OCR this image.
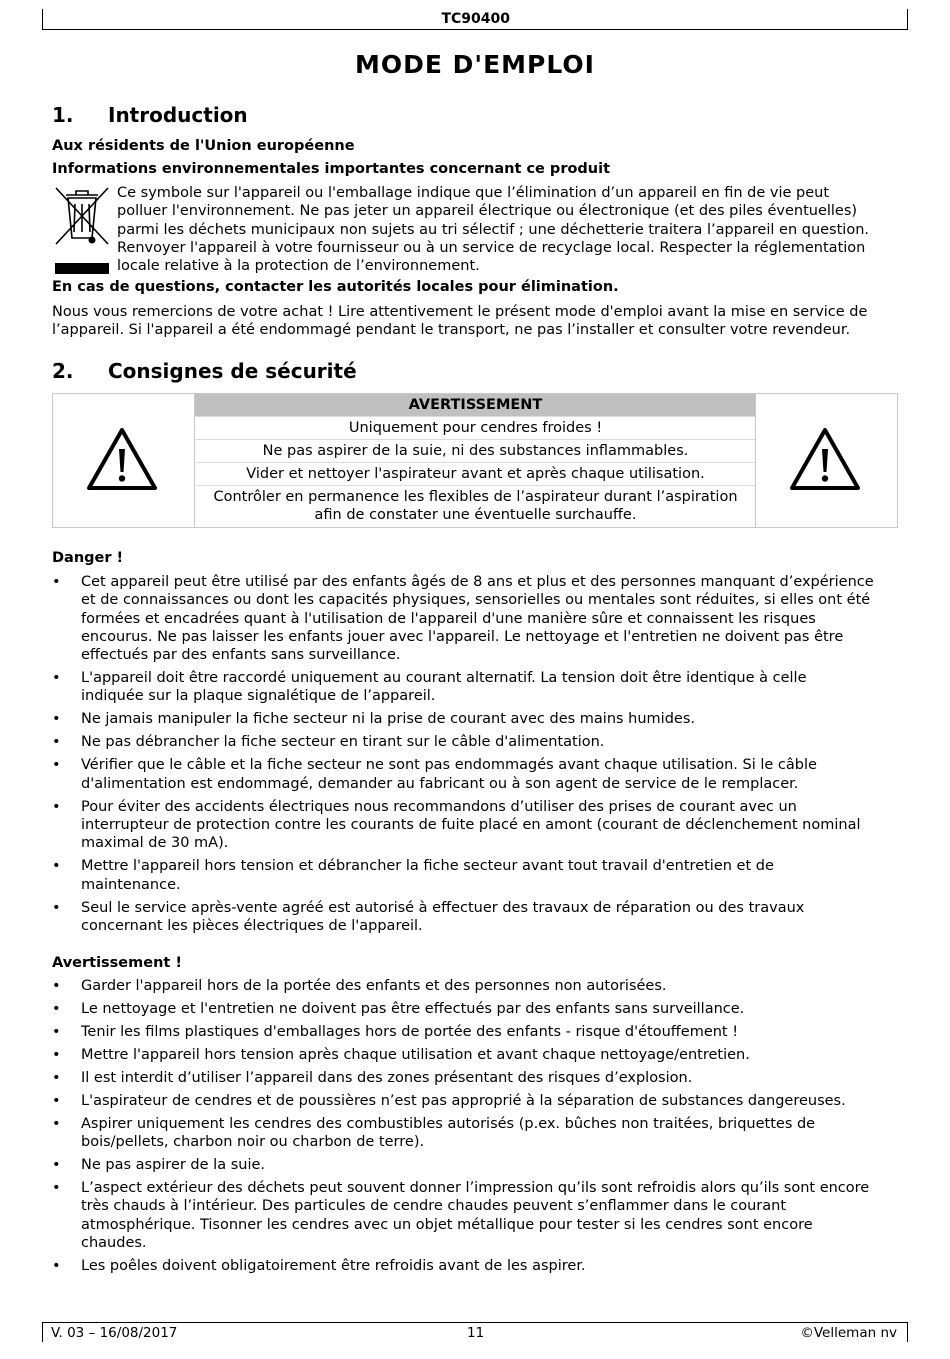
TC90400
MODE D'EMPLOI
1. Introduction
Aux résidents de l'Union européenne
Informations environnementales importantes concernant ce produit
Ce symbole sur l'appareil ou l'emballage indique que l’élimination d’un appareil en fin de vie peut
polluer l'environnement. Ne pas jeter un appareil électrique ou électronique (et des piles éventuelles)
parmi les déchets municipaux non sujets au tri sélectif ; une déchetterie traitera l’appareil en question.
Renvoyer l'appareil à votre fournisseur ou à un service de recyclage local. Respecter la réglementation
locale relative à la protection de l’environnement.
En cas de questions, contacter les autorités locales pour élimination.
Nous vous remercions de votre achat ! Lire attentivement le présent mode d'emploi avant la mise en service de
l’appareil. Si l'appareil a été endommagé pendant le transport, ne pas l’installer et consulter votre revendeur.
2. Consignes de sécurité
AVERTISSEMENT
Uniquement pour cendres froides !
Ne pas aspirer de la suie, ni des substances inflammables.
Vider et nettoyer l'aspirateur avant et après chaque utilisation.
Contrôler en permanence les flexibles de l’aspirateur durant l’aspiration
afin de constater une éventuelle surchauffe.
Danger !
• Cet appareil peut être utilisé par des enfants âgés de 8 ans et plus et des personnes manquant d’expérience
et de connaissances ou dont les capacités physiques, sensorielles ou mentales sont réduites, si elles ont été
formées et encadrées quant à l'utilisation de l'appareil d'une manière sûre et connaissent les risques
encourus. Ne pas laisser les enfants jouer avec l'appareil. Le nettoyage et l'entretien ne doivent pas être
effectués par des enfants sans surveillance.
• L'appareil doit être raccordé uniquement au courant alternatif. La tension doit être identique à celle
indiquée sur la plaque signalétique de l’appareil.
• Ne jamais manipuler la fiche secteur ni la prise de courant avec des mains humides.
• Ne pas débrancher la fiche secteur en tirant sur le câble d'alimentation.
• Vérifier que le câble et la fiche secteur ne sont pas endommagés avant chaque utilisation. Si le câble
d'alimentation est endommagé, demander au fabricant ou à son agent de service de le remplacer.
• Pour éviter des accidents électriques nous recommandons d’utiliser des prises de courant avec un
interrupteur de protection contre les courants de fuite placé en amont (courant de déclenchement nominal
maximal de 30 mA).
• Mettre l'appareil hors tension et débrancher la fiche secteur avant tout travail d'entretien et de
maintenance.
• Seul le service après-vente agréé est autorisé à effectuer des travaux de réparation ou des travaux
concernant les pièces électriques de l'appareil.
Avertissement !
• Garder l'appareil hors de la portée des enfants et des personnes non autorisées.
• Le nettoyage et l'entretien ne doivent pas être effectués par des enfants sans surveillance.
• Tenir les films plastiques d'emballages hors de portée des enfants - risque d'étouffement !
• Mettre l'appareil hors tension après chaque utilisation et avant chaque nettoyage/entretien.
• Il est interdit d’utiliser l’appareil dans des zones présentant des risques d’explosion.
• L'aspirateur de cendres et de poussières n’est pas approprié à la séparation de substances dangereuses.
• Aspirer uniquement les cendres des combustibles autorisés (p.ex. bûches non traitées, briquettes de
bois/pellets, charbon noir ou charbon de terre).
• Ne pas aspirer de la suie.
• L’aspect extérieur des déchets peut souvent donner l’impression qu’ils sont refroidis alors qu’ils sont encore
très chauds à l’intérieur. Des particules de cendre chaudes peuvent s’enflammer dans le courant
atmosphérique. Tisonner les cendres avec un objet métallique pour tester si les cendres sont encore
chaudes.
• Les poêles doivent obligatoirement être refroidis avant de les aspirer.
V. 03 – 16/08/2017	11	©Velleman nv
